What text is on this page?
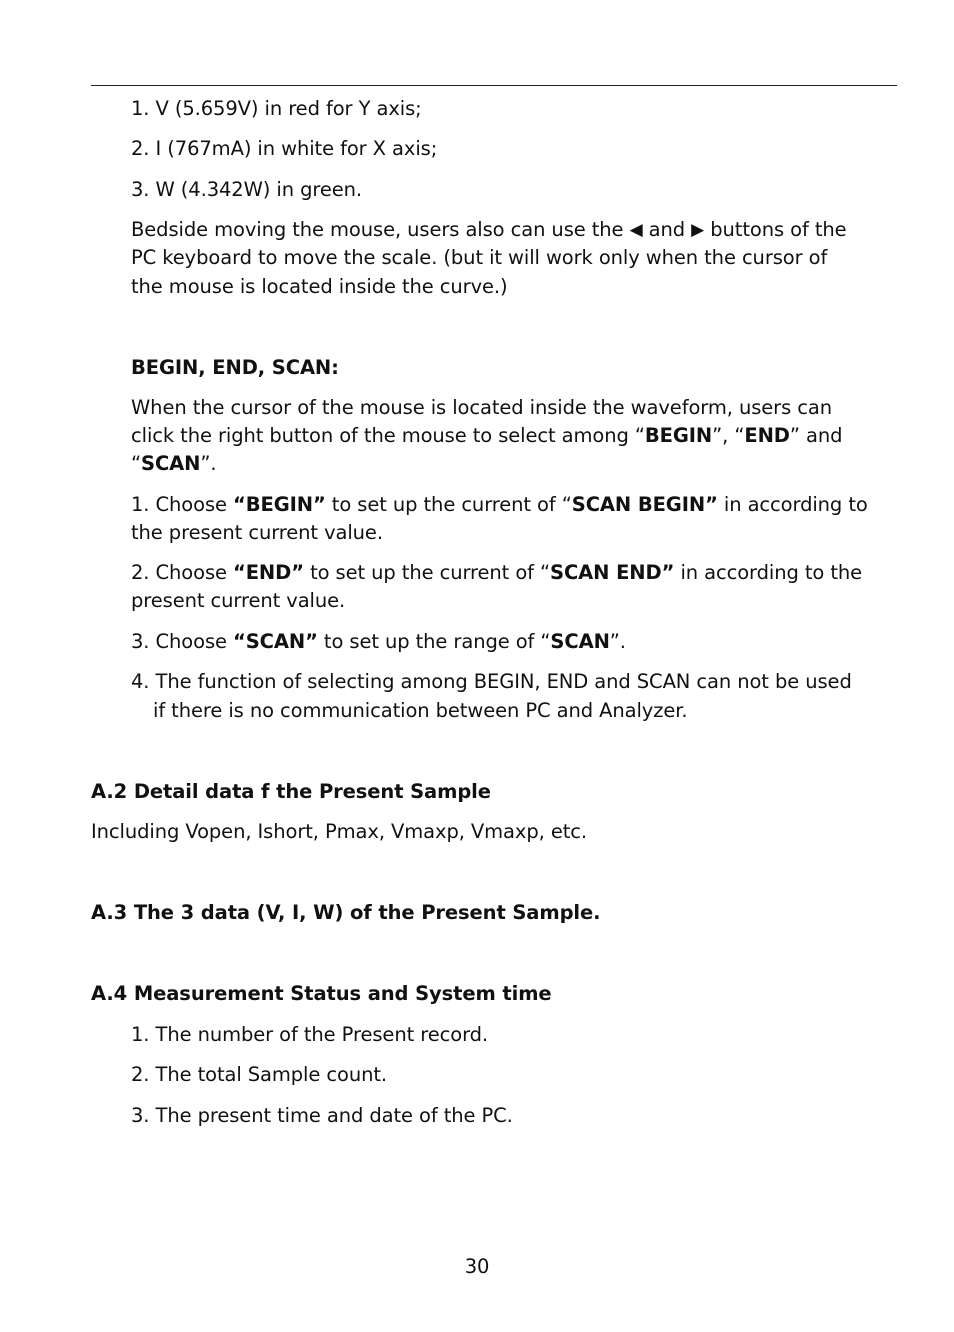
1. V (5.659V) in red for Y axis;
2. I (767mA) in white for X axis;
3. W (4.342W) in green.
Bedside moving the mouse, users also can use the ◀ and ▶ buttons of the
PC keyboard to move the scale. (but it will work only when the cursor of
the mouse is located inside the curve.)
BEGIN, END, SCAN:
When the cursor of the mouse is located inside the waveform, users can
click the right button of the mouse to select among “BEGIN”, “END” and
“SCAN”.
1. Choose “BEGIN” to set up the current of “SCAN BEGIN” in according to
the present current value.
2. Choose “END” to set up the current of “SCAN END” in according to the
present current value.
3. Choose “SCAN” to set up the range of “SCAN”.
4. The function of selecting among BEGIN, END and SCAN can not be used
if there is no communication between PC and Analyzer.
A.2 Detail data f the Present Sample
Including Vopen, Ishort, Pmax, Vmaxp, Vmaxp, etc.
A.3 The 3 data (V, I, W) of the Present Sample.
A.4 Measurement Status and System time
1. The number of the Present record.
2. The total Sample count.
3. The present time and date of the PC.
30
